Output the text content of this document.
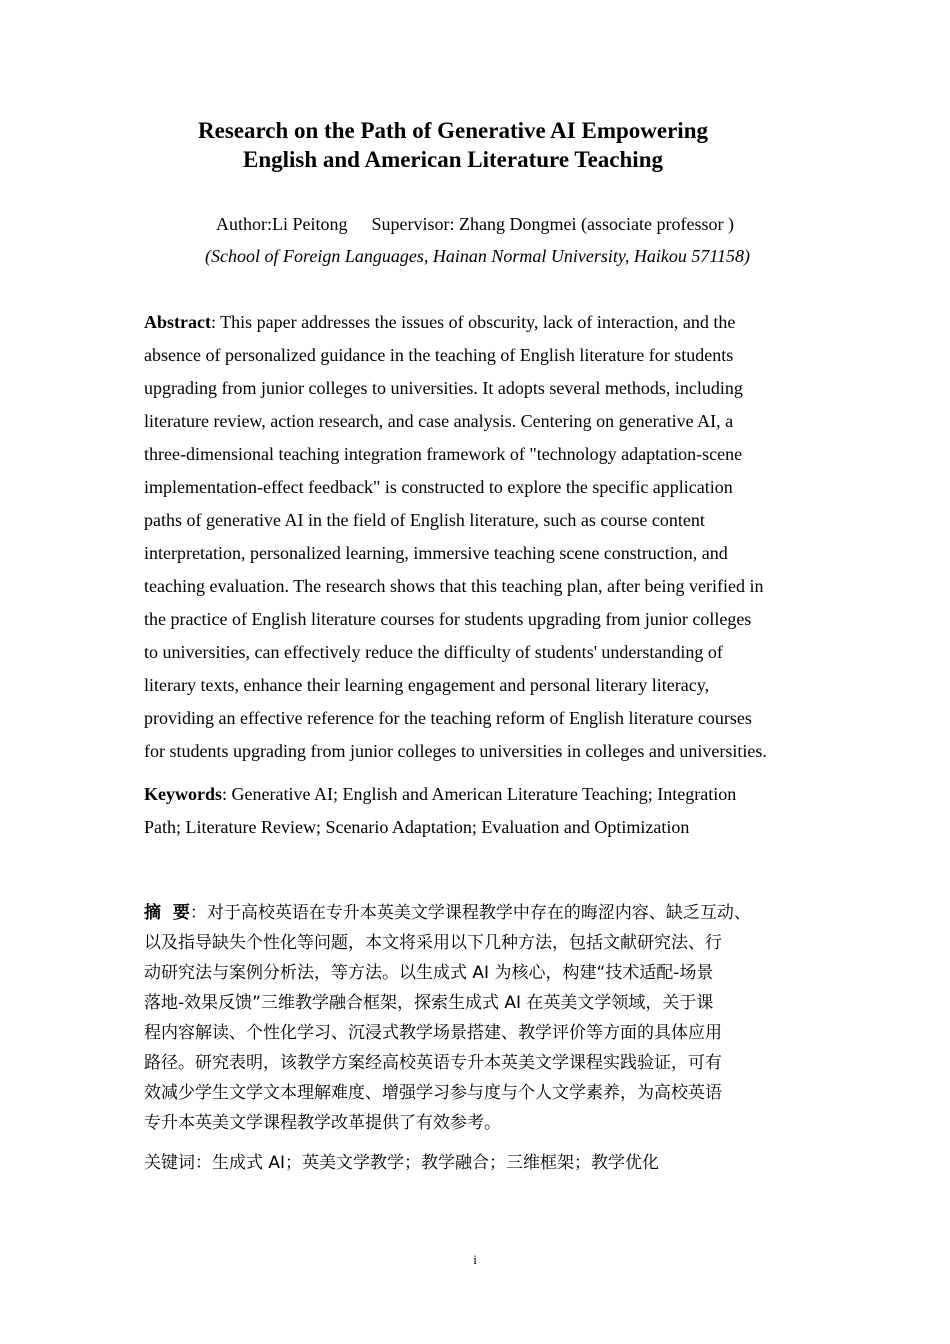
Research on the Path of Generative AI Empowering
English and American Literature Teaching
Author:Li Peitong Supervisor: Zhang Dongmei (associate professor )
(School of Foreign Languages, Hainan Normal University, Haikou 571158)
Abstract: This paper addresses the issues of obscurity, lack of interaction, and the
absence of personalized guidance in the teaching of English literature for students
upgrading from junior colleges to universities. It adopts several methods, including
literature review, action research, and case analysis. Centering on generative AI, a
three-dimensional teaching integration framework of "technology adaptation-scene
implementation-effect feedback" is constructed to explore the specific application
paths of generative AI in the field of English literature, such as course content
interpretation, personalized learning, immersive teaching scene construction, and
teaching evaluation. The research shows that this teaching plan, after being verified in
the practice of English literature courses for students upgrading from junior colleges
to universities, can effectively reduce the difficulty of students' understanding of
literary texts, enhance their learning engagement and personal literary literacy,
providing an effective reference for the teaching reform of English literature courses
for students upgrading from junior colleges to universities in colleges and universities.
Keywords: Generative AI; English and American Literature Teaching; Integration
Path; Literature Review; Scenario Adaptation; Evaluation and Optimization
摘  要：对于高校英语在专升本英美文学课程教学中存在的晦涩内容、缺乏互动、
以及指导缺失个性化等问题，本文将采用以下几种方法，包括文献研究法、行
动研究法与案例分析法，等方法。以生成式 AI 为核心，构建“技术适配-场景
落地-效果反馈”三维教学融合框架，探索生成式 AI 在英美文学领域，关于课
程内容解读、个性化学习、沉浸式教学场景搭建、教学评价等方面的具体应用
路径。研究表明，该教学方案经高校英语专升本英美文学课程实践验证，可有
效减少学生文学文本理解难度、增强学习参与度与个人文学素养，为高校英语
专升本英美文学课程教学改革提供了有效参考。
关键词：生成式 AI；英美文学教学；教学融合；三维框架；教学优化
i
